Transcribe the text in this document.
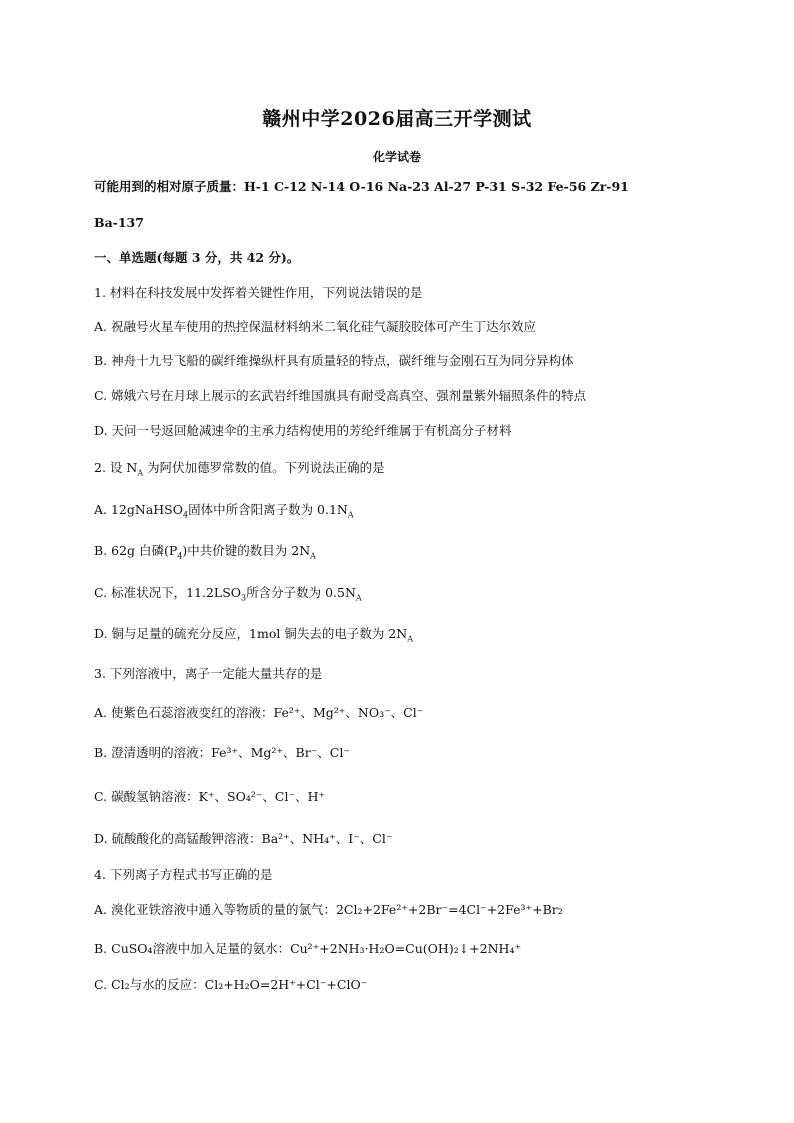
赣州中学2026届高三开学测试
化学试卷
可能用到的相对原子质量：H-1 C-12 N-14 O-16 Na-23 Al-27 P-31 S-32 Fe-56 Zr-91
Ba-137
一、单选题(每题 3 分，共 42 分)。
1. 材料在科技发展中发挥着关键性作用，下列说法错误的是
A. 祝融号火星车使用的热控保温材料纳米二氧化硅气凝胶胶体可产生丁达尔效应
B. 神舟十九号飞船的碳纤维操纵杆具有质量轻的特点，碳纤维与金刚石互为同分异构体
C. 嫦娥六号在月球上展示的玄武岩纤维国旗具有耐受高真空、强剂量紫外辐照条件的特点
D. 天问一号返回舱减速伞的主承力结构使用的芳纶纤维属于有机高分子材料
2. 设 $N_A$ 为阿伏加德罗常数的值。下列说法正确的是
A. 12gNaHSO$_4$固体中所含阳离子数为 $0.1N_A$
B. 62g 白磷$(P_4)$中共价键的数目为 $2N_A$
C. 标准状况下，$11.2LSO_3$所含分子数为 $0.5N_A$
D. 铜与足量的硫充分反应，1mol 铜失去的电子数为 $2N_A$
3. 下列溶液中，离子一定能大量共存的是
A. 使紫色石蕊溶液变红的溶液：Fe²⁺、Mg²⁺、NO₃⁻、Cl⁻
B. 澄清透明的溶液：Fe³⁺、Mg²⁺、Br⁻、Cl⁻
C. 碳酸氢钠溶液：K⁺、SO₄²⁻、Cl⁻、H⁺
D. 硫酸酸化的高锰酸钾溶液：Ba²⁺、NH₄⁺、I⁻、Cl⁻
4. 下列离子方程式书写正确的是
A. 溴化亚铁溶液中通入等物质的量的氯气：2Cl₂+2Fe²⁺+2Br⁻=4Cl⁻+2Fe³⁺+Br₂
B. CuSO₄溶液中加入足量的氨水：Cu²⁺+2NH₃·H₂O=Cu(OH)₂↓+2NH₄⁺
C. Cl₂与水的反应：Cl₂+H₂O=2H⁺+Cl⁻+ClO⁻
